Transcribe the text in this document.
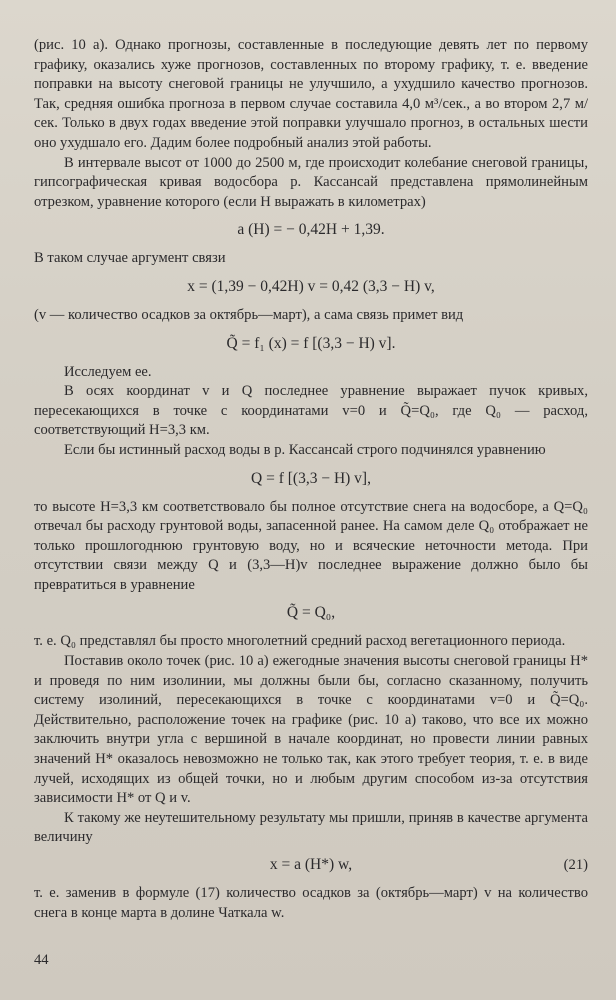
(рис. 10 а). Однако прогнозы, составленные в последующие девять лет по первому графику, оказались хуже прогнозов, составленных по второму графику, т. е. введение поправки на высоту снеговой границы не улучшило, а ухудшило качество прогнозов. Так, средняя ошибка прогноза в первом случае составила 4,0 м³/сек., а во втором 2,7 м/сек. Только в двух годах введение этой поправки улучшало прогноз, в остальных шести оно ухудшало его. Дадим более подробный анализ этой работы.

В интервале высот от 1000 до 2500 м, где происходит колебание снеговой границы, гипсографическая кривая водосбора р. Кассансай представлена прямолинейным отрезком, уравнение которого (если H выражать в километрах)

a (H) = − 0,42H + 1,39.

В таком случае аргумент связи

x = (1,39 − 0,42H) v = 0,42 (3,3 − H) v,

(v — количество осадков за октябрь—март), а сама связь примет вид

Q̃ = f₁ (x) = f [(3,3 − H) v].

Исследуем ее.

В осях координат v и Q последнее уравнение выражает пучок кривых, пересекающихся в точке с координатами v=0 и Q̃=Q₀, где Q₀ — расход, соответствующий H=3,3 км.

Если бы истинный расход воды в р. Кассансай строго подчинялся уравнению

Q = f [(3,3 − H) v],

то высоте H=3,3 км соответствовало бы полное отсутствие снега на водосборе, а Q=Q₀ отвечал бы расходу грунтовой воды, запасенной ранее. На самом деле Q₀ отображает не только прошлогоднюю грунтовую воду, но и всяческие неточности метода. При отсутствии связи между Q и (3,3—H)v последнее выражение должно было бы превратиться в уравнение

Q̃ = Q₀,

т. е. Q₀ представлял бы просто многолетний средний расход вегетационного периода.

Поставив около точек (рис. 10 а) ежегодные значения высоты снеговой границы H* и проведя по ним изолинии, мы должны были бы, согласно сказанному, получить систему изолиний, пересекающихся в точке с координатами v=0 и Q̃=Q₀. Действительно, расположение точек на графике (рис. 10 а) таково, что все их можно заключить внутри угла с вершиной в начале координат, но провести линии равных значений H* оказалось невозможно не только так, как этого требует теория, т. е. в виде лучей, исходящих из общей точки, но и любым другим способом из-за отсутствия зависимости H* от Q и v.

К такому же неутешительному результату мы пришли, приняв в качестве аргумента величину

x = a (H*) w,	(21)

т. е. заменив в формуле (17) количество осадков за (октябрь—март) v на количество снега в конце марта в долине Чаткала w.

44
